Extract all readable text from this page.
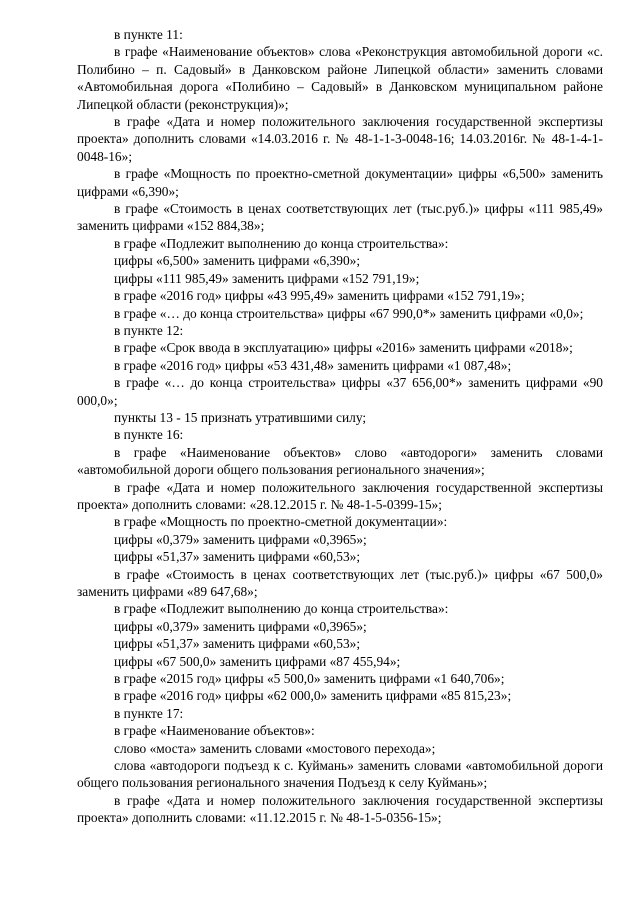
в пункте 11:

в графе «Наименование объектов» слова «Реконструкция автомобильной дороги «с. Полибино – п. Садовый» в Данковском районе Липецкой области» заменить словами «Автомобильная дорога «Полибино – Садовый» в Данковском муниципальном районе Липецкой области (реконструкция)»;

в графе «Дата и номер положительного заключения государственной экспертизы проекта» дополнить словами «14.03.2016 г. № 48-1-1-3-0048-16; 14.03.2016г. № 48-1-4-1-0048-16»;

в графе «Мощность по проектно-сметной документации» цифры «6,500» заменить цифрами «6,390»;

в графе «Стоимость в ценах соответствующих лет (тыс.руб.)» цифры «111 985,49» заменить цифрами «152 884,38»;

в графе «Подлежит выполнению до конца строительства»:

цифры «6,500» заменить цифрами «6,390»;

цифры «111 985,49» заменить цифрами «152 791,19»;

в графе «2016 год» цифры «43 995,49» заменить цифрами «152 791,19»;

в графе «… до конца строительства» цифры «67 990,0*» заменить цифрами «0,0»;

в пункте 12:

в графе «Срок ввода в эксплуатацию» цифры «2016» заменить цифрами «2018»;

в графе «2016 год» цифры «53 431,48» заменить цифрами «1 087,48»;

в графе «… до конца строительства» цифры «37 656,00*» заменить цифрами «90 000,0»;

пункты 13 - 15 признать утратившими силу;

в пункте 16:

в графе «Наименование объектов» слово «автодороги» заменить словами «автомобильной дороги общего пользования регионального значения»;

в графе «Дата и номер положительного заключения государственной экспертизы проекта» дополнить словами: «28.12.2015 г. № 48-1-5-0399-15»;

в графе «Мощность по проектно-сметной документации»:

цифры «0,379» заменить цифрами «0,3965»;

цифры «51,37» заменить цифрами «60,53»;

в графе «Стоимость в ценах соответствующих лет (тыс.руб.)» цифры «67 500,0» заменить цифрами «89 647,68»;

в графе «Подлежит выполнению до конца строительства»:

цифры «0,379» заменить цифрами «0,3965»;

цифры «51,37» заменить цифрами «60,53»;

цифры «67 500,0» заменить цифрами «87 455,94»;

в графе «2015 год» цифры «5 500,0» заменить цифрами «1 640,706»;

в графе «2016 год» цифры «62 000,0» заменить цифрами «85 815,23»;

в пункте 17:

в графе «Наименование объектов»:

слово «моста» заменить словами «мостового перехода»;

слова «автодороги подъезд к с. Куймань» заменить словами «автомобильной дороги общего пользования регионального значения Подъезд к селу Куймань»;

в графе «Дата и номер положительного заключения государственной экспертизы проекта» дополнить словами: «11.12.2015 г. № 48-1-5-0356-15»;
